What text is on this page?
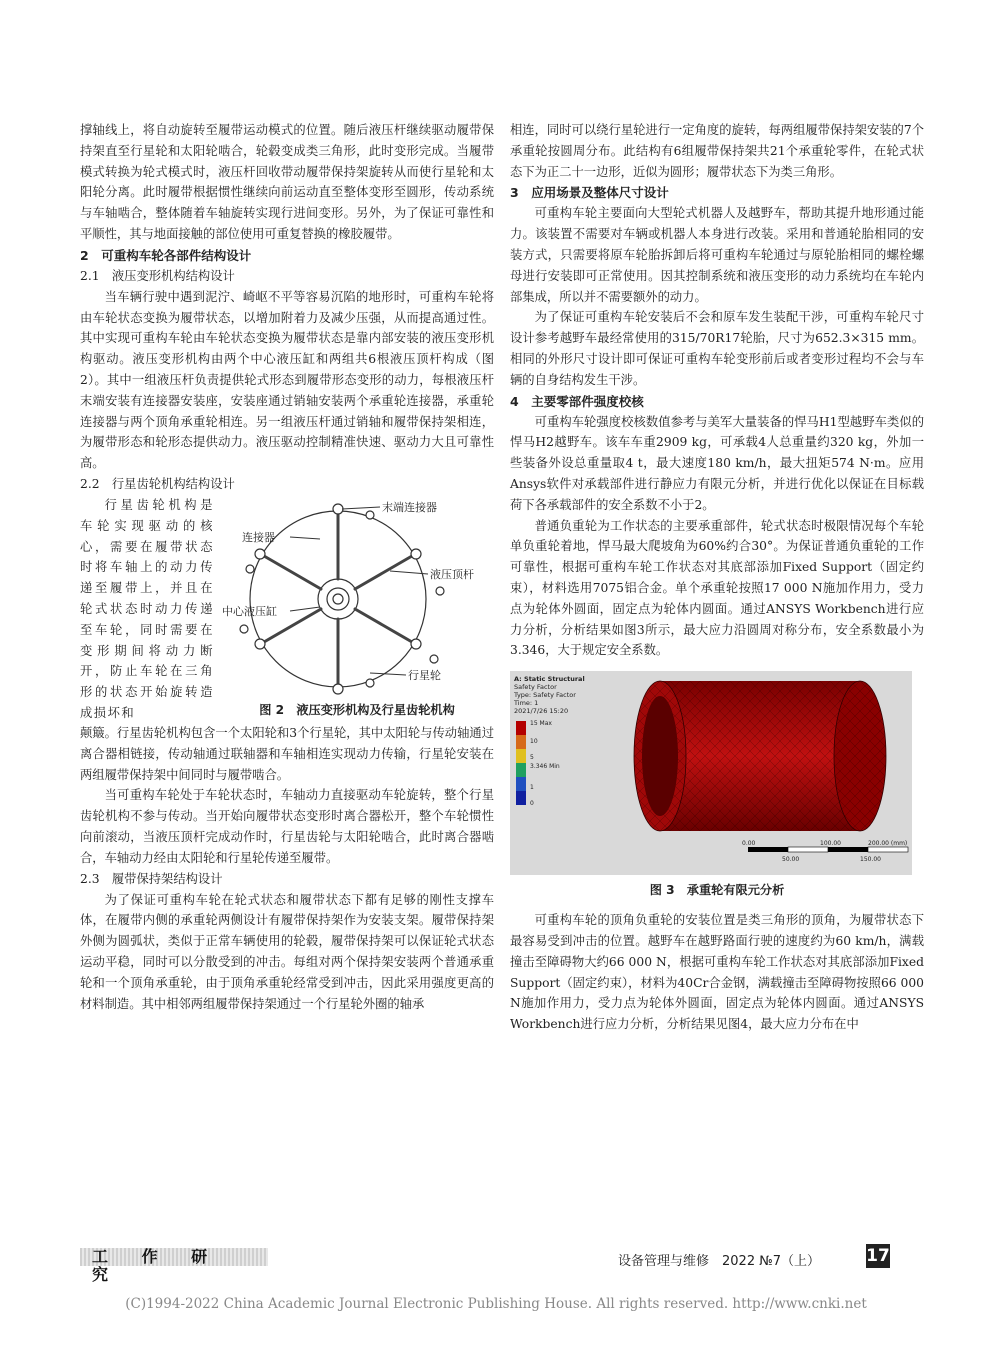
撑轴线上，将自动旋转至履带运动模式的位置。随后液压杆继续驱动履带保持架直至行星轮和太阳轮啮合，轮毂变成类三角形，此时变形完成。当履带模式转换为轮式模式时，液压杆回收带动履带保持架旋转从而使行星轮和太阳轮分离。此时履带根据惯性继续向前运动直至整体变形至圆形，传动系统与车轴啮合，整体随着车轴旋转实现行进间变形。另外，为了保证可靠性和平顺性，其与地面接触的部位使用可重复替换的橡胶履带。

2　可重构车轮各部件结构设计

2.1　液压变形机构结构设计

当车辆行驶中遇到泥泞、崎岖不平等容易沉陷的地形时，可重构车轮将由车轮状态变换为履带状态，以增加附着力及减少压强，从而提高通过性。其中实现可重构车轮由车轮状态变换为履带状态是靠内部安装的液压变形机构驱动。液压变形机构由两个中心液压缸和两组共6根液压顶杆构成（图2）。其中一组液压杆负责提供轮式形态到履带形态变形的动力，每根液压杆末端安装有连接器安装座，安装座通过销轴安装两个承重轮连接器，承重轮连接器与两个顶角承重轮相连。另一组液压杆通过销轴和履带保持架相连，为履带形态和轮形态提供动力。液压驱动控制精准快速、驱动力大且可靠性高。

2.2　行星齿轮机构结构设计

行星齿轮机构是车轮实现驱动的核心，需要在履带状态时将车轴上的动力传递至履带上，并且在轮式状态时动力传递至车轮，同时需要在变形期间将动力断开，防止车轮在三角形的状态开始旋转造成损坏和

末端连接器
连接器
液压顶杆
中心液压缸
行星轮
图 2　液压变形机构及行星齿轮机构

颠簸。行星齿轮机构包含一个太阳轮和3个行星轮，其中太阳轮与传动轴通过离合器相链接，传动轴通过联轴器和车轴相连实现动力传输，行星轮安装在两组履带保持架中间同时与履带啮合。

当可重构车轮处于车轮状态时，车轴动力直接驱动车轮旋转，整个行星齿轮机构不参与传动。当开始向履带状态变形时离合器松开，整个车轮惯性向前滚动，当液压顶杆完成动作时，行星齿轮与太阳轮啮合，此时离合器啮合，车轴动力经由太阳轮和行星轮传递至履带。

2.3　履带保持架结构设计

为了保证可重构车轮在轮式状态和履带状态下都有足够的刚性支撑车体，在履带内侧的承重轮两侧设计有履带保持架作为安装支架。履带保持架外侧为圆弧状，类似于正常车辆使用的轮毂，履带保持架可以保证轮式状态运动平稳，同时可以分散受到的冲击。每组对两个保持架安装两个普通承重轮和一个顶角承重轮，由于顶角承重轮经常受到冲击，因此采用强度更高的材料制造。其中相邻两组履带保持架通过一个行星轮外圈的轴承

相连，同时可以绕行星轮进行一定角度的旋转，每两组履带保持架安装的7个承重轮按圆周分布。此结构有6组履带保持架共21个承重轮零件，在轮式状态下为正二十一边形，近似为圆形；履带状态下为类三角形。

3　应用场景及整体尺寸设计

可重构车轮主要面向大型轮式机器人及越野车，帮助其提升地形通过能力。该装置不需要对车辆或机器人本身进行改装。采用和普通轮胎相同的安装方式，只需要将原车轮胎拆卸后将可重构车轮通过与原轮胎相同的螺栓螺母进行安装即可正常使用。因其控制系统和液压变形的动力系统均在车轮内部集成，所以并不需要额外的动力。

为了保证可重构车轮安装后不会和原车发生装配干涉，可重构车轮尺寸设计参考越野车最经常使用的315/70R17轮胎，尺寸为652.3×315 mm。相同的外形尺寸设计即可保证可重构车轮变形前后或者变形过程均不会与车辆的自身结构发生干涉。

4　主要零部件强度校核

可重构车轮强度校核数值参考与美军大量装备的悍马H1型越野车类似的悍马H2越野车。该车车重2909 kg，可承载4人总重量约320 kg，外加一些装备外设总重量取4 t，最大速度180 km/h，最大扭矩574 N·m。应用Ansys软件对承载部件进行静应力有限元分析，并进行优化以保证在目标载荷下各承载部件的安全系数不小于2。

普通负重轮为工作状态的主要承重部件，轮式状态时极限情况每个车轮单负重轮着地，悍马最大爬坡角为60%约合30°。为保证普通负重轮的工作可靠性，根据可重构车轮工作状态对其底部添加Fixed Support（固定约束），材料选用7075铝合金。单个承重轮按照17 000 N施加作用力，受力点为轮体外圆面，固定点为轮体内圆面。通过ANSYS Workbench进行应力分析，分析结果如图3所示，最大应力沿圆周对称分布，安全系数最小为3.346，大于规定安全系数。

A: Static Structural
Safety Factor
Type: Safety Factor
Time: 1
2021/7/26 15:20
15 Max
10
5
3.346 Min
1
0
0.00	100.00	200.00 (mm)
50.00	150.00
图 3　承重轮有限元分析

可重构车轮的顶角负重轮的安装位置是类三角形的顶角，为履带状态下最容易受到冲击的位置。越野车在越野路面行驶的速度约为60 km/h，满载撞击至障碍物大约66 000 N，根据可重构车轮工作状态对其底部添加Fixed Support（固定约束），材料为40Cr合金钢，满载撞击至障碍物按照66 000 N施加作用力，受力点为轮体外圆面，固定点为轮体内圆面。通过ANSYS Workbench进行应力分析，分析结果见图4，最大应力分布在中

工 作 研 究
设备管理与维修　2022 №7（上）	17
(C)1994-2022 China Academic Journal Electronic Publishing House. All rights reserved. http://www.cnki.net
